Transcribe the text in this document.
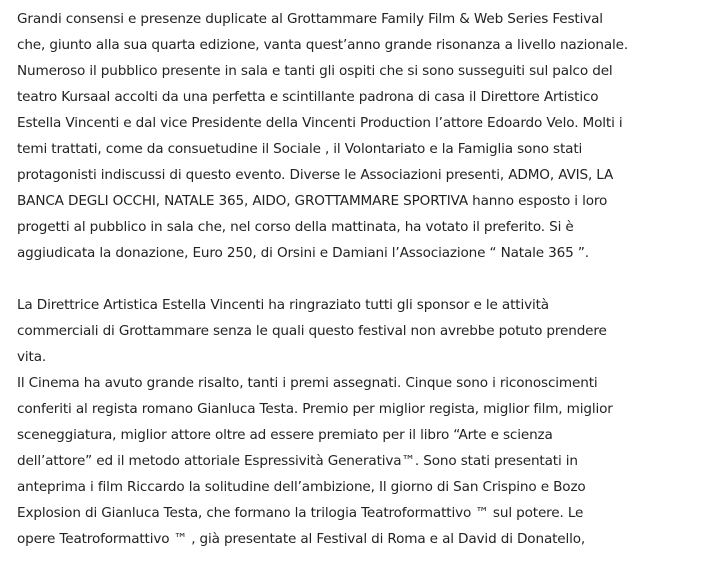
Grandi consensi e presenze duplicate al Grottammare Family Film & Web Series Festival
che, giunto alla sua quarta edizione, vanta quest’anno grande risonanza a livello nazionale.
Numeroso il pubblico presente in sala e tanti gli ospiti che si sono susseguiti sul palco del
teatro Kursaal accolti da una perfetta e scintillante padrona di casa il Direttore Artistico
Estella Vincenti e dal vice Presidente della Vincenti Production l’attore Edoardo Velo. Molti i
temi trattati, come da consuetudine il Sociale , il Volontariato e la Famiglia sono stati
protagonisti indiscussi di questo evento. Diverse le Associazioni presenti, ADMO, AVIS, LA
BANCA DEGLI OCCHI, NATALE 365, AIDO, GROTTAMMARE SPORTIVA hanno esposto i loro
progetti al pubblico in sala che, nel corso della mattinata, ha votato il preferito. Si è
aggiudicata la donazione, Euro 250, di Orsini e Damiani l’Associazione “ Natale 365 ”.
La Direttrice Artistica Estella Vincenti ha ringraziato tutti gli sponsor e le attività
commerciali di Grottammare senza le quali questo festival non avrebbe potuto prendere
vita.
Il Cinema ha avuto grande risalto, tanti i premi assegnati. Cinque sono i riconoscimenti
conferiti al regista romano Gianluca Testa. Premio per miglior regista, miglior film, miglior
sceneggiatura, miglior attore oltre ad essere premiato per il libro “Arte e scienza
dell’attore” ed il metodo attoriale Espressività Generativa™. Sono stati presentati in
anteprima i film Riccardo la solitudine dell’ambizione, Il giorno di San Crispino e Bozo
Explosion di Gianluca Testa, che formano la trilogia Teatroformattivo ™ sul potere. Le
opere Teatroformattivo ™ , già presentate al Festival di Roma e al David di Donatello,
